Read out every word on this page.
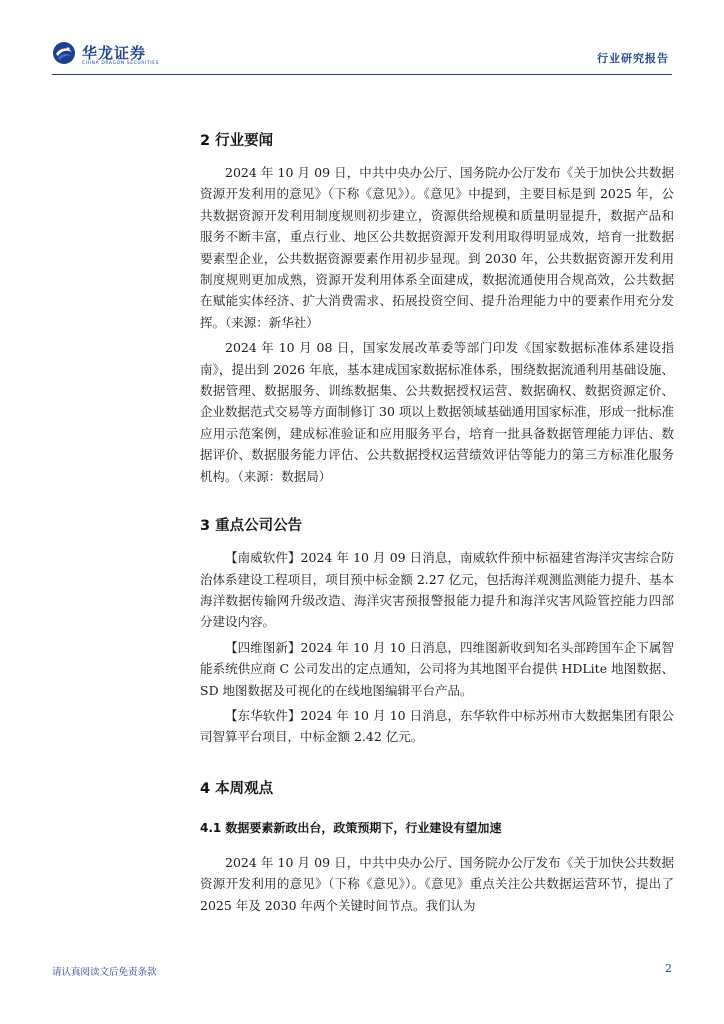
华龙证券
CHINA DRAGON SECURITIES	行业研究报告
2 行业要闻

2024 年 10 月 09 日，中共中央办公厅、国务院办公厅发布《关于加快公共数据资源开发利用的意见》（下称《意见》）。《意见》中提到，主要目标是到 2025 年，公共数据资源开发利用制度规则初步建立，资源供给规模和质量明显提升，数据产品和服务不断丰富，重点行业、地区公共数据资源开发利用取得明显成效，培育一批数据要素型企业，公共数据资源要素作用初步显现。到 2030 年，公共数据资源开发利用制度规则更加成熟，资源开发利用体系全面建成，数据流通使用合规高效，公共数据在赋能实体经济、扩大消费需求、拓展投资空间、提升治理能力中的要素作用充分发挥。（来源：新华社）

2024 年 10 月 08 日，国家发展改革委等部门印发《国家数据标准体系建设指南》，提出到 2026 年底，基本建成国家数据标准体系，围绕数据流通利用基础设施、数据管理、数据服务、训练数据集、公共数据授权运营、数据确权、数据资源定价、企业数据范式交易等方面制修订 30 项以上数据领域基础通用国家标准，形成一批标准应用示范案例，建成标准验证和应用服务平台，培育一批具备数据管理能力评估、数据评价、数据服务能力评估、公共数据授权运营绩效评估等能力的第三方标准化服务机构。（来源：数据局）

3 重点公司公告

【南威软件】2024 年 10 月 09 日消息，南威软件预中标福建省海洋灾害综合防治体系建设工程项目，项目预中标金额 2.27 亿元，包括海洋观测监测能力提升、基本海洋数据传输网升级改造、海洋灾害预报警报能力提升和海洋灾害风险管控能力四部分建设内容。

【四维图新】2024 年 10 月 10 日消息，四维图新收到知名头部跨国车企下属智能系统供应商 C 公司发出的定点通知，公司将为其地图平台提供 HDLite 地图数据、SD 地图数据及可视化的在线地图编辑平台产品。

【东华软件】2024 年 10 月 10 日消息，东华软件中标苏州市大数据集团有限公司智算平台项目，中标金额 2.42 亿元。

4 本周观点
4.1 数据要素新政出台，政策预期下，行业建设有望加速

2024 年 10 月 09 日，中共中央办公厅、国务院办公厅发布《关于加快公共数据资源开发利用的意见》（下称《意见》）。《意见》重点关注公共数据运营环节，提出了 2025 年及 2030 年两个关键时间节点。我们认为

请认真阅读文后免责条款	2
